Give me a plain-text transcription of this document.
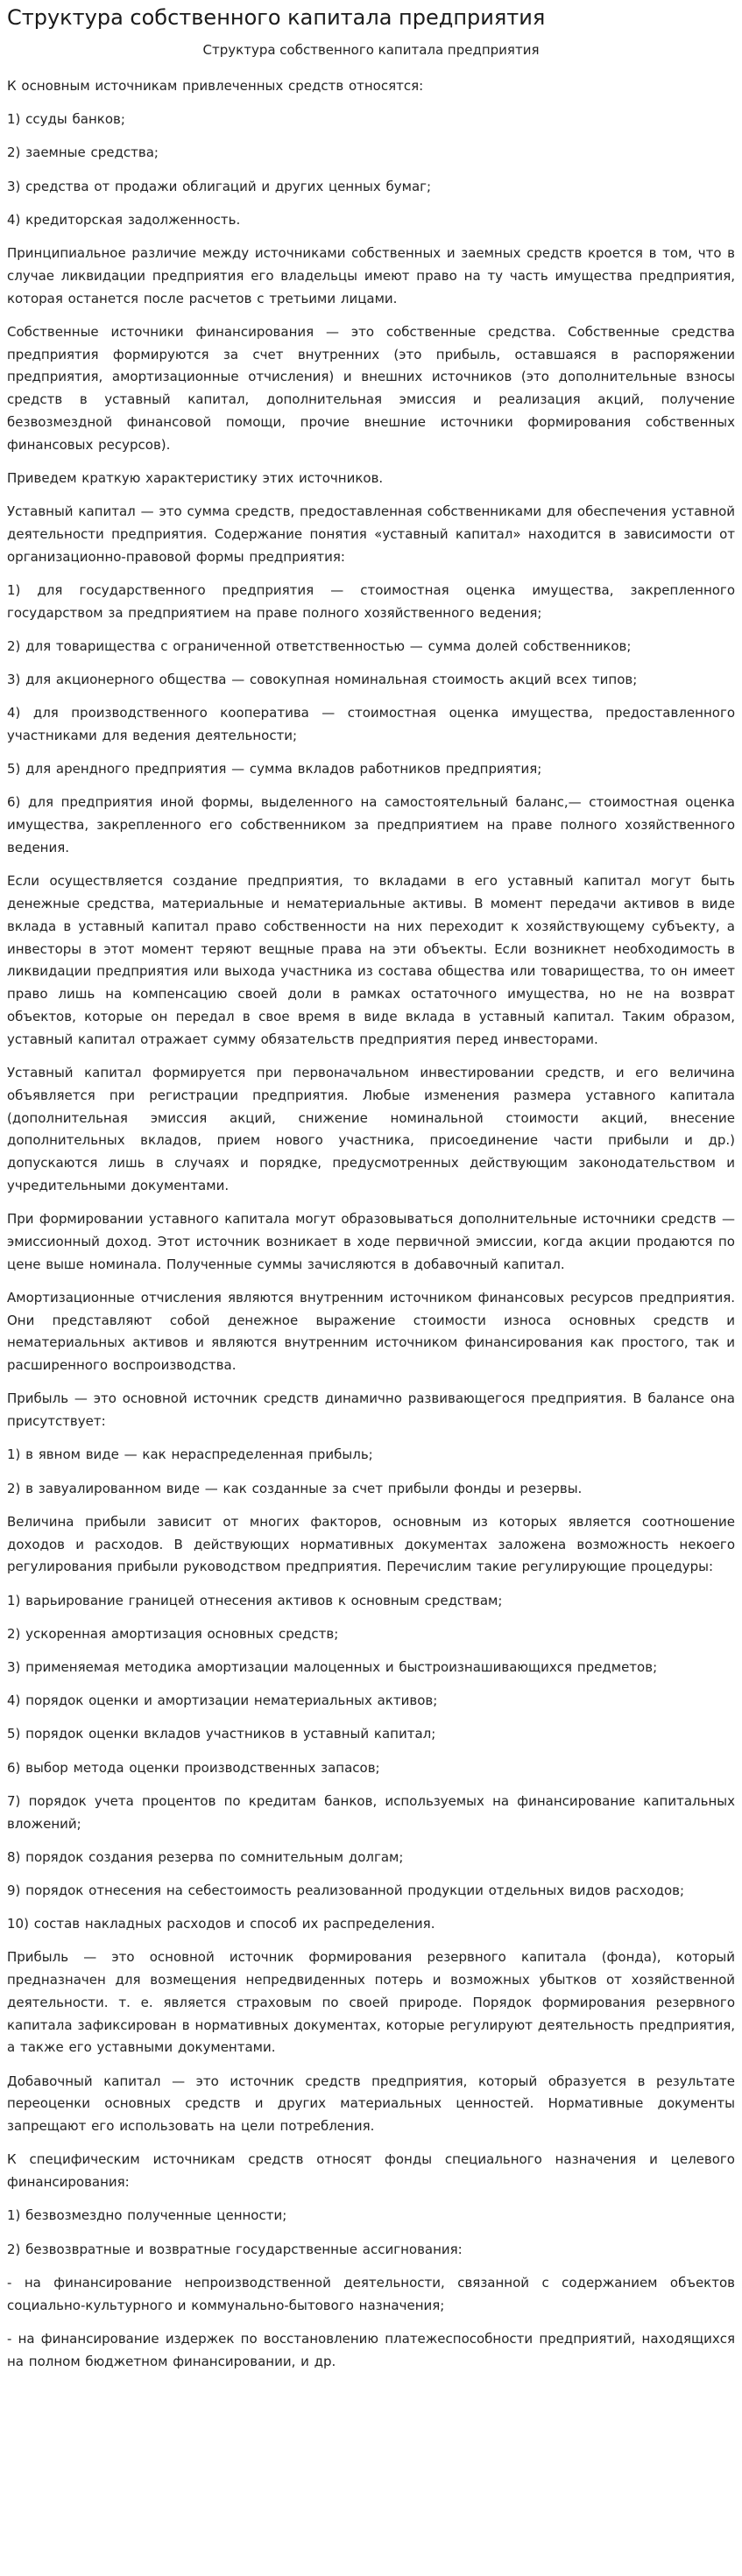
Структура собственного капитала предприятия

Структура собственного капитала предприятия

К основным источникам привлеченных средств относятся:

1) ссуды банков;

2) заемные средства;

3) средства от продажи облигаций и других ценных бумаг;

4) кредиторская задолженность.

Принципиальное различие между источниками собственных и заемных средств кроется в том, что в случае ликвидации предприятия его владельцы имеют право на ту часть имущества предприятия, которая останется после расчетов с третьими лицами.

Собственные источники финансирования — это собственные средства. Собственные средства предприятия формируются за счет внутренних (это прибыль, оставшаяся в распоряжении предприятия, амортизационные отчисления) и внешних источников (это дополнительные взносы средств в уставный капитал, дополнительная эмиссия и реализация акций, получение безвозмездной финансовой помощи, прочие внешние источники формирования собственных финансовых ресурсов).

Приведем краткую характеристику этих источников.

Уставный капитал — это сумма средств, предоставленная собственниками для обеспечения уставной деятельности предприятия. Содержание понятия «уставный капитал» находится в зависимости от организационно-правовой формы предприятия:

1) для государственного предприятия — стоимостная оценка имущества, закрепленного государством за предприятием на праве полного хозяйственного ведения;

2) для товарищества с ограниченной ответственностью — сумма долей собственников;

3) для акционерного общества — совокупная номинальная стоимость акций всех типов;

4) для производственного кооператива — стоимостная оценка имущества, предоставленного участниками для ведения деятельности;

5) для арендного предприятия — сумма вкладов работников предприятия;

6) для предприятия иной формы, выделенного на самостоятельный баланс,— стоимостная оценка имущества, закрепленного его собственником за предприятием на праве полного хозяйственного ведения.

Если осуществляется создание предприятия, то вкладами в его уставный капитал могут быть денежные средства, материальные и нематериальные активы. В момент передачи активов в виде вклада в уставный капитал право собственности на них переходит к хозяйствующему субъекту, а инвесторы в этот момент теряют вещные права на эти объекты. Если возникнет необходимость в ликвидации предприятия или выхода участника из состава общества или товарищества, то он имеет право лишь на компенсацию своей доли в рамках остаточного имущества, но не на возврат объектов, которые он передал в свое время в виде вклада в уставный капитал. Таким образом, уставный капитал отражает сумму обязательств предприятия перед инвесторами.

Уставный капитал формируется при первоначальном инвестировании средств, и его величина объявляется при регистрации предприятия. Любые изменения размера уставного капитала (дополнительная эмиссия акций, снижение номинальной стоимости акций, внесение дополнительных вкладов, прием нового участника, присоединение части прибыли и др.) допускаются лишь в случаях и порядке, предусмотренных действующим законодательством и учредительными документами.

При формировании уставного капитала могут образовываться дополнительные источники средств — эмиссионный доход. Этот источник возникает в ходе первичной эмиссии, когда акции продаются по цене выше номинала. Полученные суммы зачисляются в добавочный капитал.

Амортизационные отчисления являются внутренним источником финансовых ресурсов предприятия. Они представляют собой денежное выражение стоимости износа основных средств и нематериальных активов и являются внутренним источником финансирования как простого, так и расширенного воспроизводства.

Прибыль — это основной источник средств динамично развивающегося предприятия. В балансе она присутствует:

1) в явном виде — как нераспределенная прибыль;

2) в завуалированном виде — как созданные за счет прибыли фонды и резервы.

Величина прибыли зависит от многих факторов, основным из которых является соотношение доходов и расходов. В действующих нормативных документах заложена возможность некоего регулирования прибыли руководством предприятия. Перечислим такие регулирующие процедуры:

1) варьирование границей отнесения активов к основным средствам;

2) ускоренная амортизация основных средств;

3) применяемая методика амортизации малоценных и быстроизнашивающихся предметов;

4) порядок оценки и амортизации нематериальных активов;

5) порядок оценки вкладов участников в уставный капитал;

6) выбор метода оценки производственных запасов;

7) порядок учета процентов по кредитам банков, используемых на финансирование капитальных вложений;

8) порядок создания резерва по сомнительным долгам;

9) порядок отнесения на себестоимость реализованной продукции отдельных видов расходов;

10) состав накладных расходов и способ их распределения.

Прибыль — это основной источник формирования резервного капитала (фонда), который предназначен для возмещения непредвиденных потерь и возможных убытков от хозяйственной деятельности. т. е. является страховым по своей природе. Порядок формирования резервного капитала зафиксирован в нормативных документах, которые регулируют деятельность предприятия, а также его уставными документами.

Добавочный капитал — это источник средств предприятия, который образуется в результате переоценки основных средств и других материальных ценностей. Нормативные документы запрещают его использовать на цели потребления.

К специфическим источникам средств относят фонды специального назначения и целевого финансирования:

1) безвозмездно полученные ценности;

2) безвозвратные и возвратные государственные ассигнования:

- на финансирование непроизводственной деятельности, связанной с содержанием объектов социально-культурного и коммунально-бытового назначения;

- на финансирование издержек по восстановлению платежеспособности предприятий, находящихся на полном бюджетном финансировании, и др.
